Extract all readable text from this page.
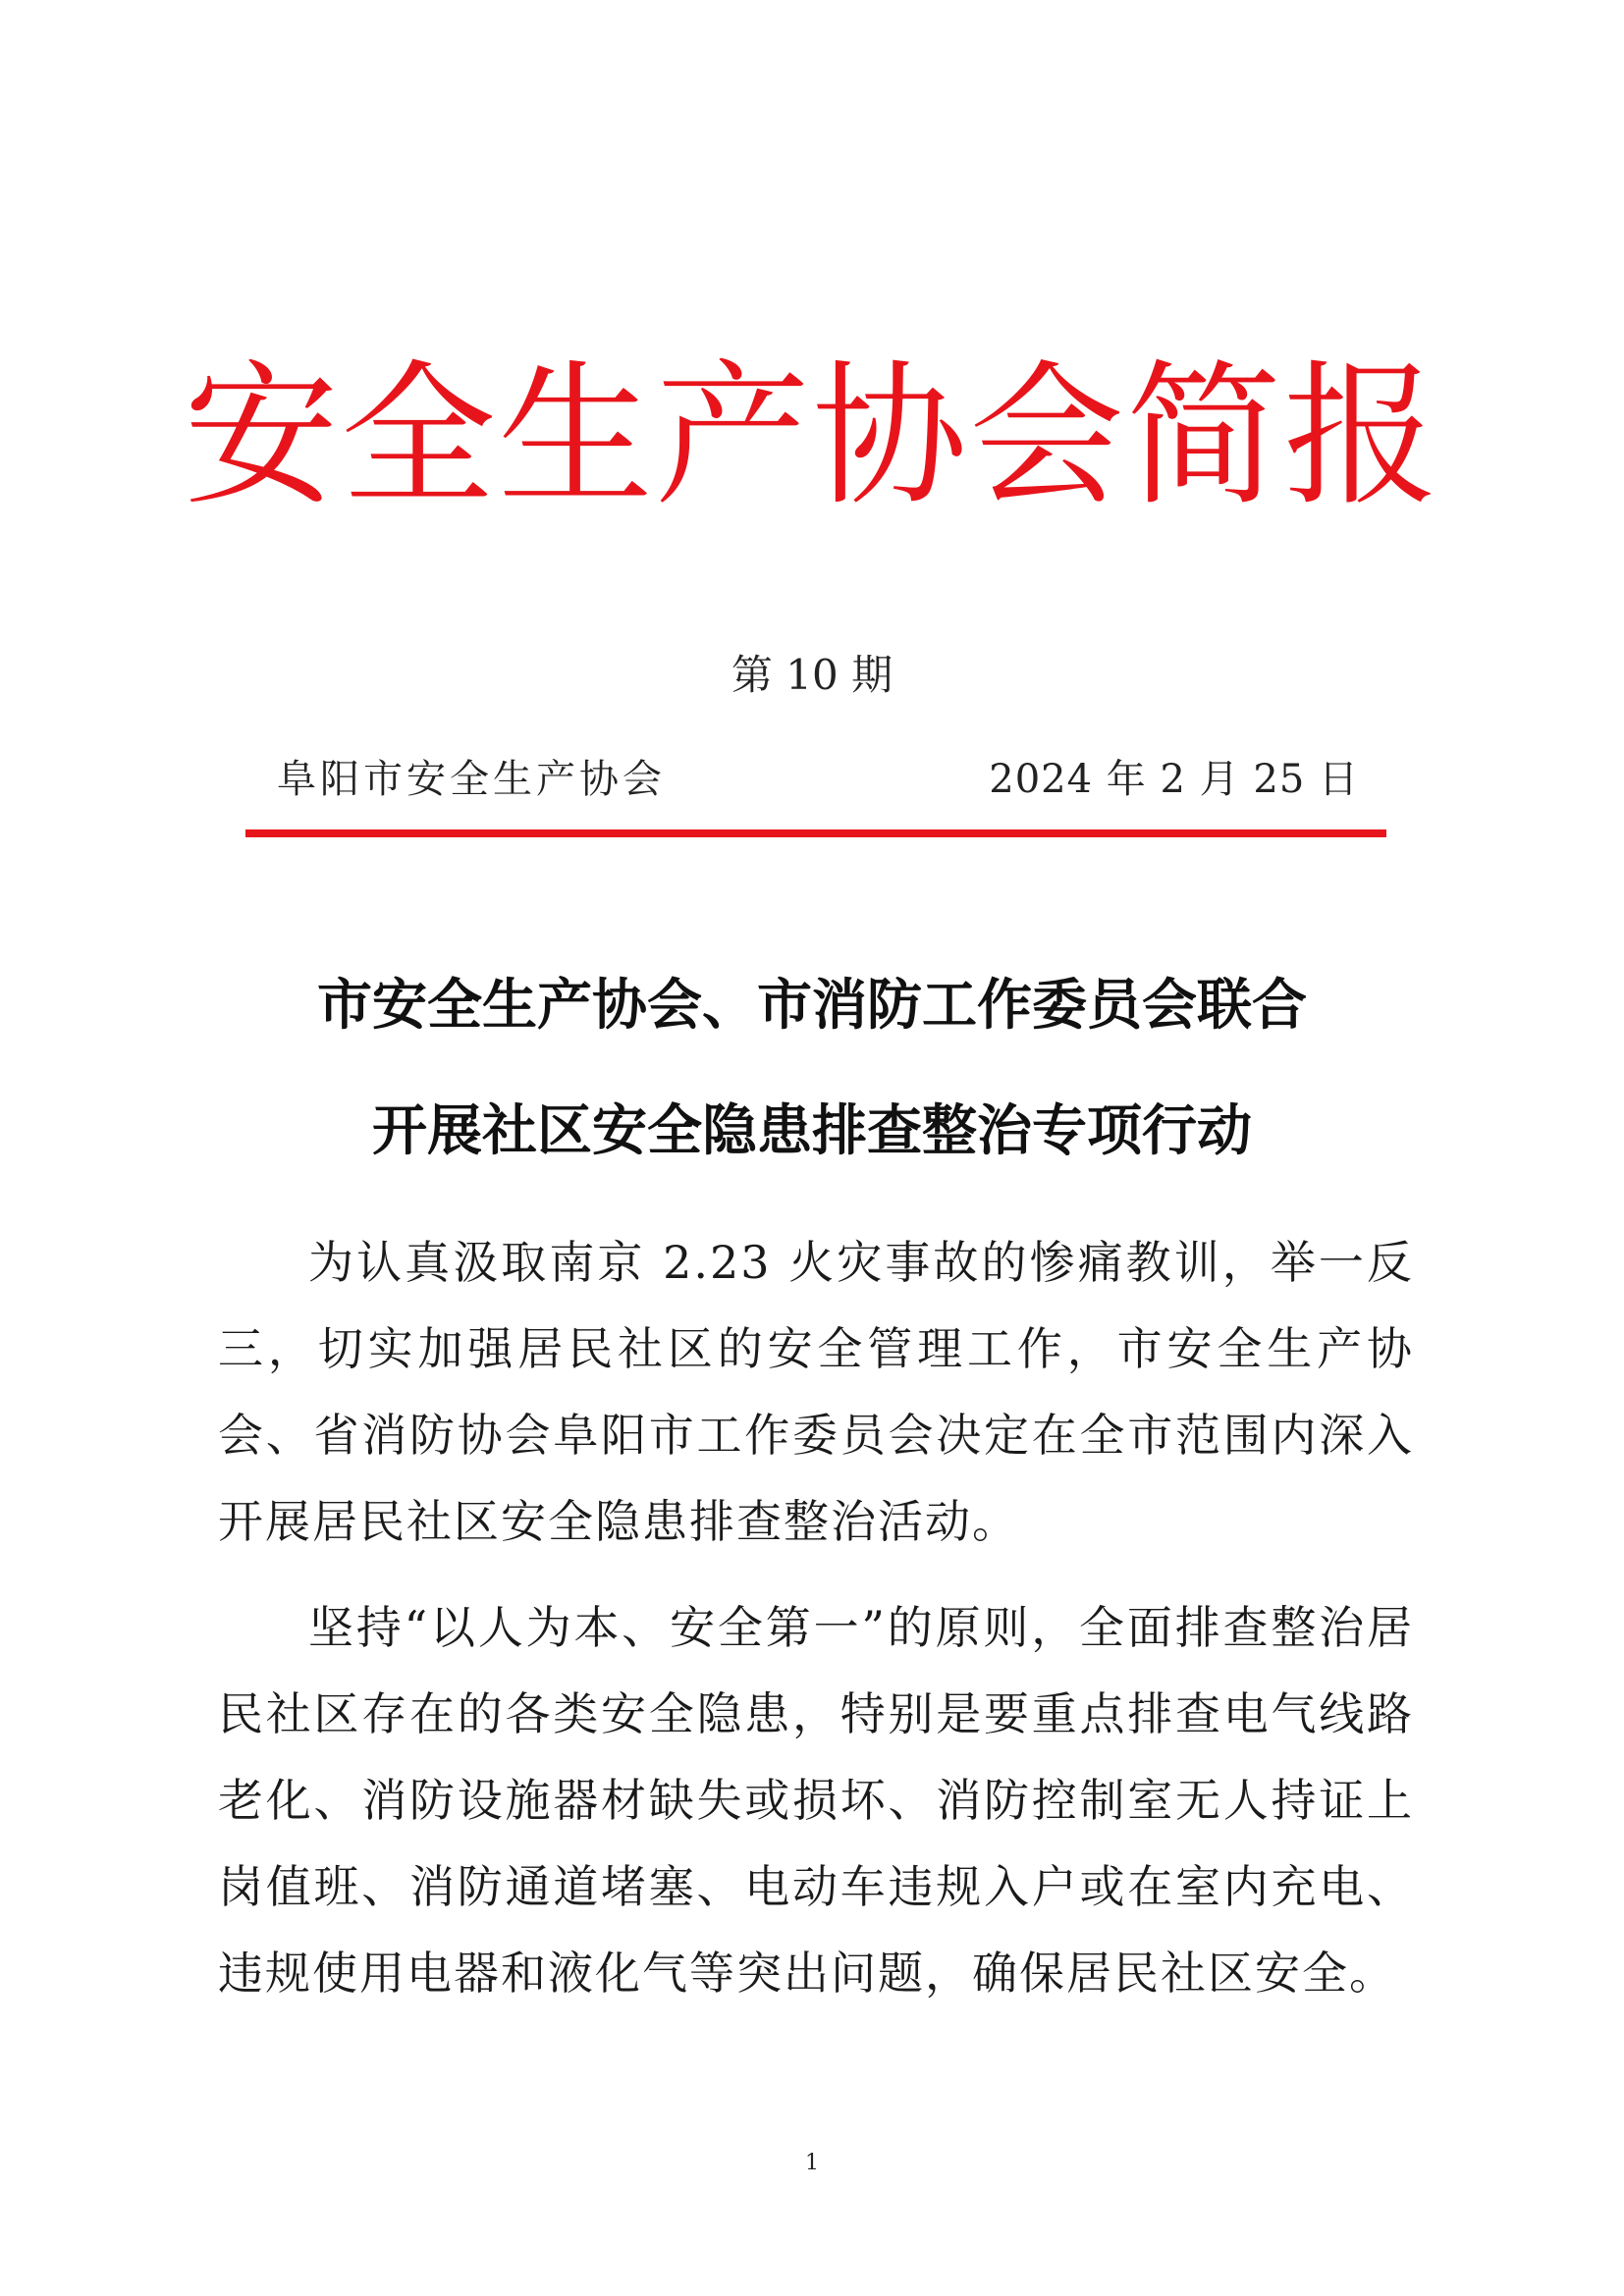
安全生产协会简报
第 10 期
阜阳市安全生产协会	2024 年 2 月 25 日
市安全生产协会、市消防工作委员会联合
开展社区安全隐患排查整治专项行动

为认真汲取南京 2.23 火灾事故的惨痛教训，举一反三，切实加强居民社区的安全管理工作，市安全生产协会、省消防协会阜阳市工作委员会决定在全市范围内深入开展居民社区安全隐患排查整治活动。

坚持“以人为本、安全第一”的原则，全面排查整治居民社区存在的各类安全隐患，特别是要重点排查电气线路老化、消防设施器材缺失或损坏、消防控制室无人持证上岗值班、消防通道堵塞、电动车违规入户或在室内充电、违规使用电器和液化气等突出问题，确保居民社区安全。

1
